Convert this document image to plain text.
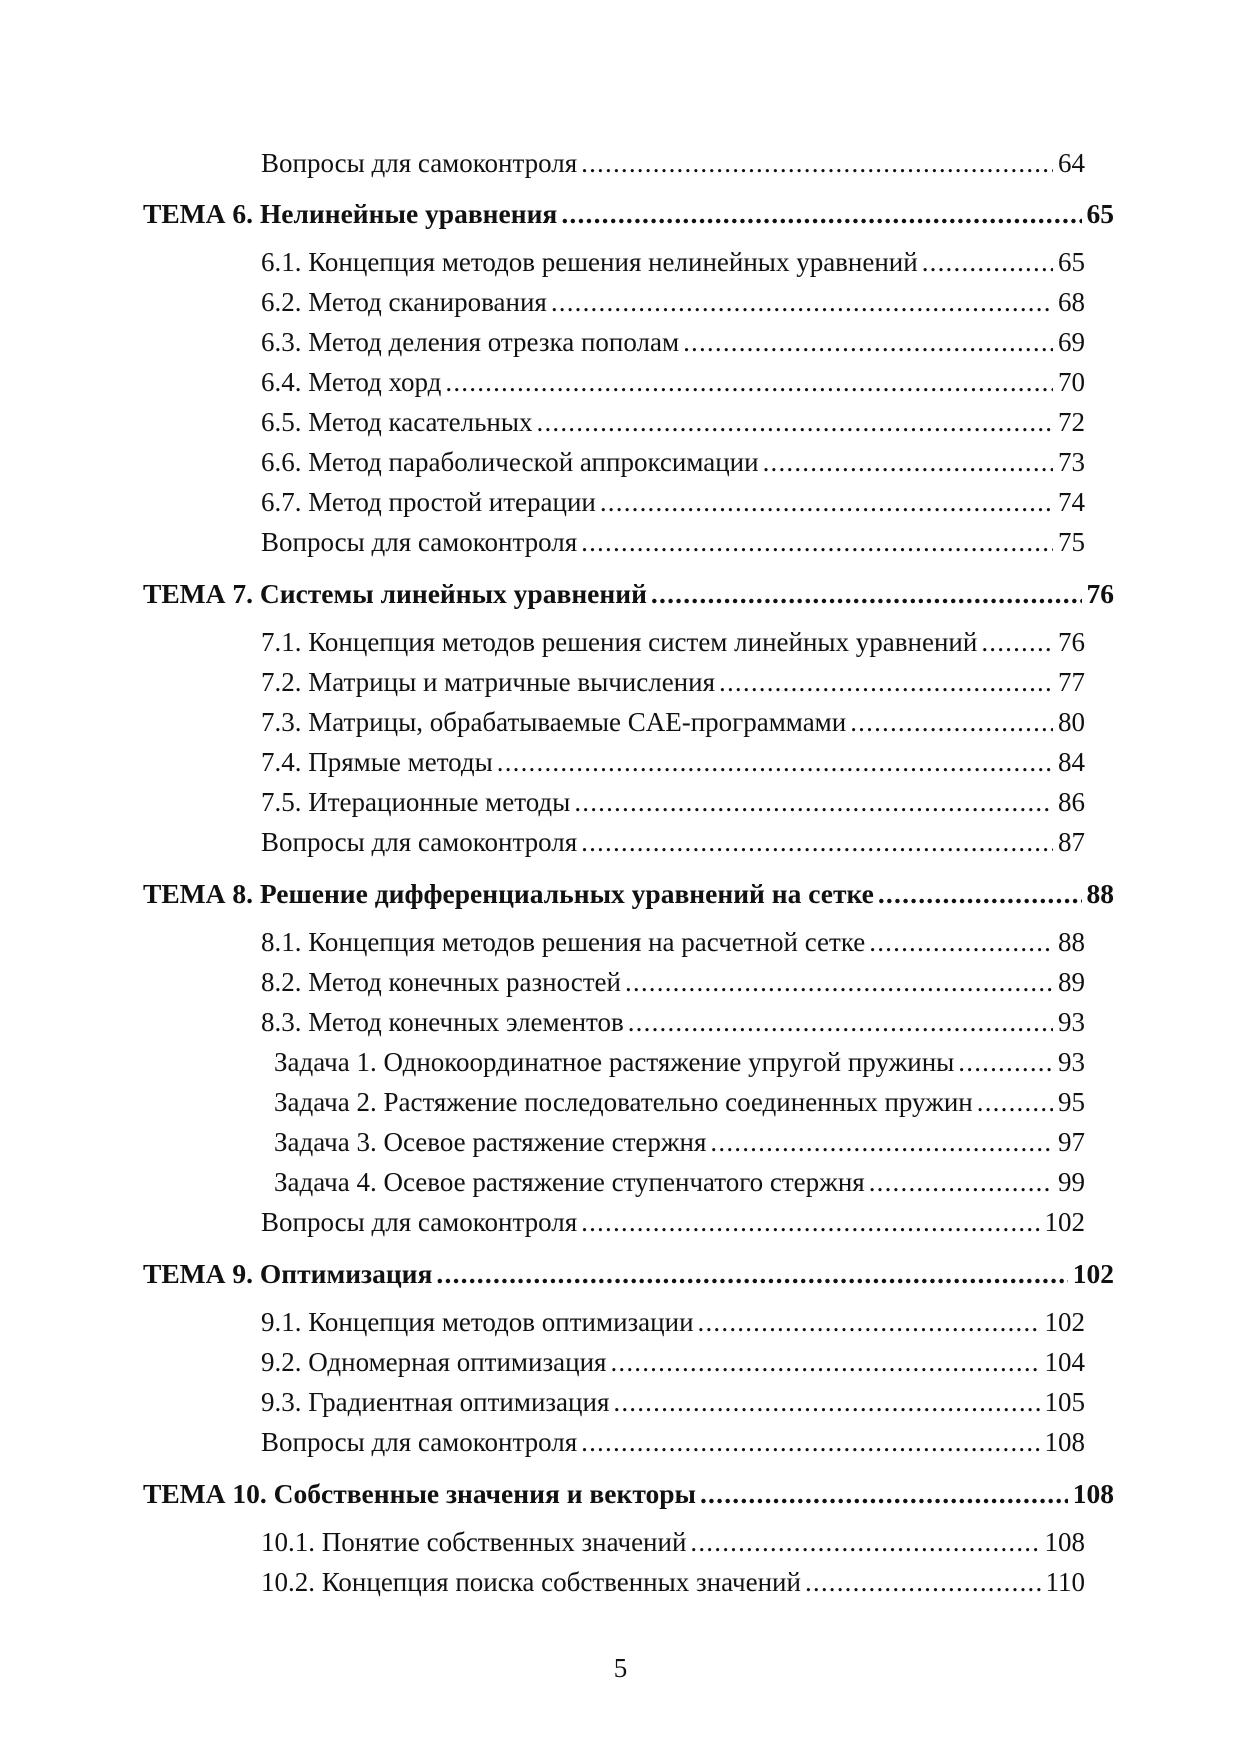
Вопросы для самоконтроля .....	64
ТЕМА 6. Нелинейные уравнения .....	65
6.1. Концепция методов решения нелинейных уравнений .....	65
6.2. Метод сканирования .....	68
6.3. Метод деления отрезка пополам .....	69
6.4. Метод хорд .....	70
6.5. Метод касательных .....	72
6.6. Метод параболической аппроксимации .....	73
6.7. Метод простой итерации .....	74
Вопросы для самоконтроля .....	75
ТЕМА 7. Системы линейных уравнений .....	76
7.1. Концепция методов решения систем линейных уравнений .....	76
7.2. Матрицы и матричные вычисления .....	77
7.3. Матрицы, обрабатываемые CAE-программами .....	80
7.4. Прямые методы .....	84
7.5. Итерационные методы .....	86
Вопросы для самоконтроля .....	87
ТЕМА 8. Решение дифференциальных уравнений на сетке .....	88
8.1. Концепция методов решения на расчетной сетке .....	88
8.2. Метод конечных разностей .....	89
8.3. Метод конечных элементов .....	93
Задача 1. Однокоординатное растяжение упругой пружины .....	93
Задача 2. Растяжение последовательно соединенных пружин .....	95
Задача 3. Осевое растяжение стержня .....	97
Задача 4. Осевое растяжение ступенчатого стержня .....	99
Вопросы для самоконтроля .....	102
ТЕМА 9. Оптимизация .....	102
9.1. Концепция методов оптимизации .....	102
9.2. Одномерная оптимизация .....	104
9.3. Градиентная оптимизация .....	105
Вопросы для самоконтроля .....	108
ТЕМА 10. Собственные значения и векторы .....	108
10.1. Понятие собственных значений .....	108
10.2. Концепция поиска собственных значений .....	110
5
